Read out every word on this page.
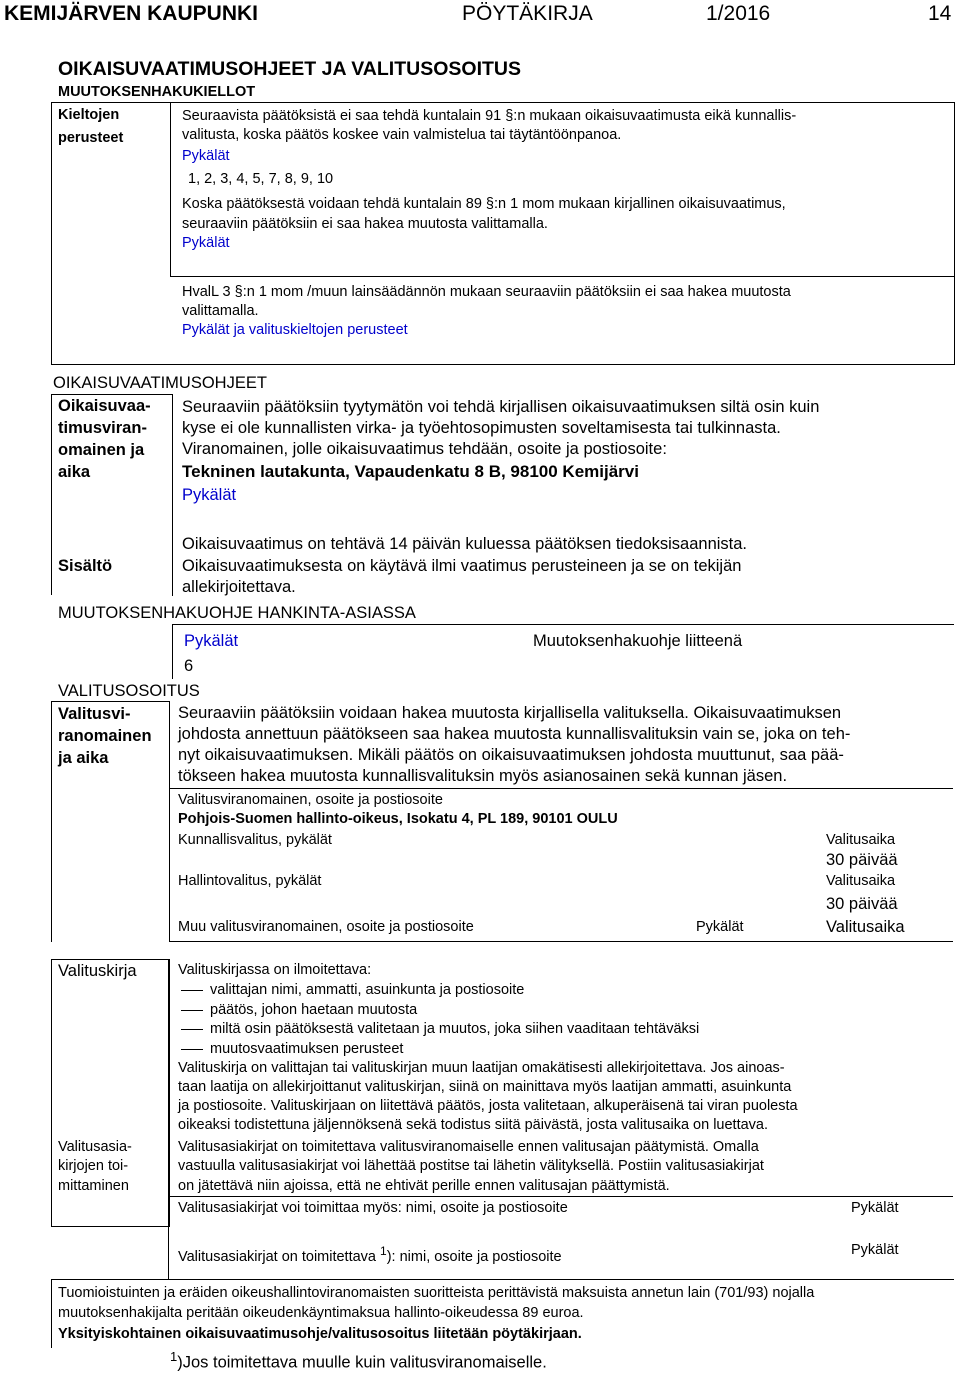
KEMIJÄRVEN KAUPUNKI	PÖYTÄKIRJA	1/2016	14
OIKAISUVAATIMUSOHJEET JA VALITUSOSOITUS
MUUTOKSENHAKUKIELLOT
Kieltojen
perusteet
Seuraavista päätöksistä ei saa tehdä kuntalain 91 §:n mukaan oikaisuvaatimusta eikä kunnallis-
valitusta, koska päätös koskee vain valmistelua tai täytäntöönpanoa.
Pykälät
1, 2, 3, 4, 5, 7, 8, 9, 10
Koska päätöksestä voidaan tehdä kuntalain 89 §:n 1 mom mukaan kirjallinen oikaisuvaatimus,
seuraaviin päätöksiin ei saa hakea muutosta valittamalla.
Pykälät
HvalL 3 §:n 1 mom /muun lainsäädännön mukaan seuraaviin päätöksiin ei saa hakea muutosta
valittamalla.
Pykälät ja valituskieltojen perusteet
OIKAISUVAATIMUSOHJEET
Oikaisuvaa-
timusviran-
omainen ja
aika
Seuraaviin päätöksiin tyytymätön voi tehdä kirjallisen oikaisuvaatimuksen siltä osin kuin
kyse ei ole kunnallisten virka- ja työehtosopimusten soveltamisesta tai tulkinnasta.
Viranomainen, jolle oikaisuvaatimus tehdään, osoite ja postiosoite:
Tekninen lautakunta, Vapaudenkatu 8 B, 98100 Kemijärvi
Pykälät
Sisältö
Oikaisuvaatimus on tehtävä 14 päivän kuluessa päätöksen tiedoksisaannista.
Oikaisuvaatimuksesta on käytävä ilmi vaatimus perusteineen ja se on tekijän
allekirjoitettava.
MUUTOKSENHAKUOHJE HANKINTA-ASIASSA
Pykälät
6
Muutoksenhakuohje liitteenä
VALITUSOSOITUS
Valitusvi-
ranomainen
ja aika
Seuraaviin päätöksiin voidaan hakea muutosta kirjallisella valituksella. Oikaisuvaatimuksen
johdosta annettuun päätökseen saa hakea muutosta kunnallisvalituksin vain se, joka on teh-
nyt oikaisuvaatimuksen. Mikäli päätös on oikaisuvaatimuksen johdosta muuttunut, saa pää-
tökseen hakea muutosta kunnallisvalituksin myös asianosainen sekä kunnan jäsen.
Valitusviranomainen, osoite ja postiosoite
Pohjois-Suomen hallinto-oikeus, Isokatu 4, PL 189, 90101 OULU
Kunnallisvalitus, pykälät	Valitusaika
30 päivää
Hallintovalitus, pykälät	Valitusaika
30 päivää
Muu valitusviranomainen, osoite ja postiosoite	Pykälät	Valitusaika
Valituskirja	Valituskirjassa on ilmoitettava:
valittajan nimi, ammatti, asuinkunta ja postiosoite
päätös, johon haetaan muutosta
miltä osin päätöksestä valitetaan ja muutos, joka siihen vaaditaan tehtäväksi
muutosvaatimuksen perusteet
Valituskirja on valittajan tai valituskirjan muun laatijan omakätisesti allekirjoitettava. Jos ainoas-
taan laatija on allekirjoittanut valituskirjan, siinä on mainittava myös laatijan ammatti, asuinkunta
ja postiosoite. Valituskirjaan on liitettävä päätös, josta valitetaan, alkuperäisenä tai viran puolesta
oikeaksi todistettuna jäljennöksenä sekä todistus siitä päivästä, josta valitusaika on luettava.
Valitusasia-
kirjojen toi-
mittaminen
Valitusasiakirjat on toimitettava valitusviranomaiselle ennen valitusajan päätymistä. Omalla
vastuulla valitusasiakirjat voi lähettää postitse tai lähetin välityksellä. Postiin valitusasiakirjat
on jätettävä niin ajoissa, että ne ehtivät perille ennen valitusajan päättymistä.
Valitusasiakirjat voi toimittaa myös: nimi, osoite ja postiosoite	Pykälät
Valitusasiakirjat on toimitettava $^1$): nimi, osoite ja postiosoite	Pykälät
Tuomioistuinten ja eräiden oikeushallintoviranomaisten suoritteista perittävistä maksuista annetun lain (701/93) nojalla
muutoksenhakijalta peritään oikeudenkäyntimaksua hallinto-oikeudessa 89 euroa.
Yksityiskohtainen oikaisuvaatimusohje/valitusosoitus liitetään pöytäkirjaan.
$^1$)Jos toimitettava muulle kuin valitusviranomaiselle.
